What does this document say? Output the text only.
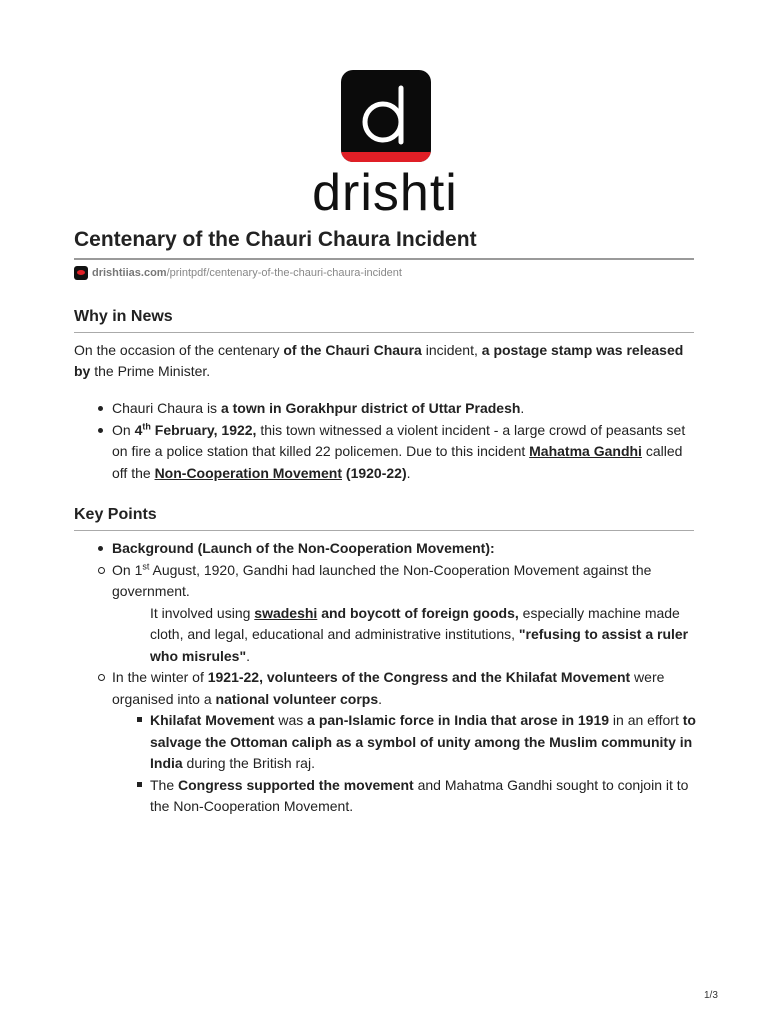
drishti
Centenary of the Chauri Chaura Incident
drishtiias.com /printpdf/centenary-of-the-chauri-chaura-incident
Why in News

On the occasion of the centenary of the Chauri Chaura incident, a postage stamp was released by the Prime Minister.

Chauri Chaura is a town in Gorakhpur district of Uttar Pradesh.
On 4th February, 1922, this town witnessed a violent incident - a large crowd of peasants set on fire a police station that killed 22 policemen. Due to this incident Mahatma Gandhi called off the Non-Cooperation Movement (1920-22).
Key Points
Background (Launch of the Non-Cooperation Movement):
On 1st August, 1920, Gandhi had launched the Non-Cooperation Movement against the government.

It involved using swadeshi and boycott of foreign goods, especially machine made cloth, and legal, educational and administrative institutions, "refusing to assist a ruler who misrules".

In the winter of 1921-22, volunteers of the Congress and the Khilafat Movement were organised into a national volunteer corps.
Khilafat Movement was a pan-Islamic force in India that arose in 1919 in an effort to salvage the Ottoman caliph as a symbol of unity among the Muslim community in India during the British raj.
The Congress supported the movement and Mahatma Gandhi sought to conjoin it to the Non-Cooperation Movement.
1/3
